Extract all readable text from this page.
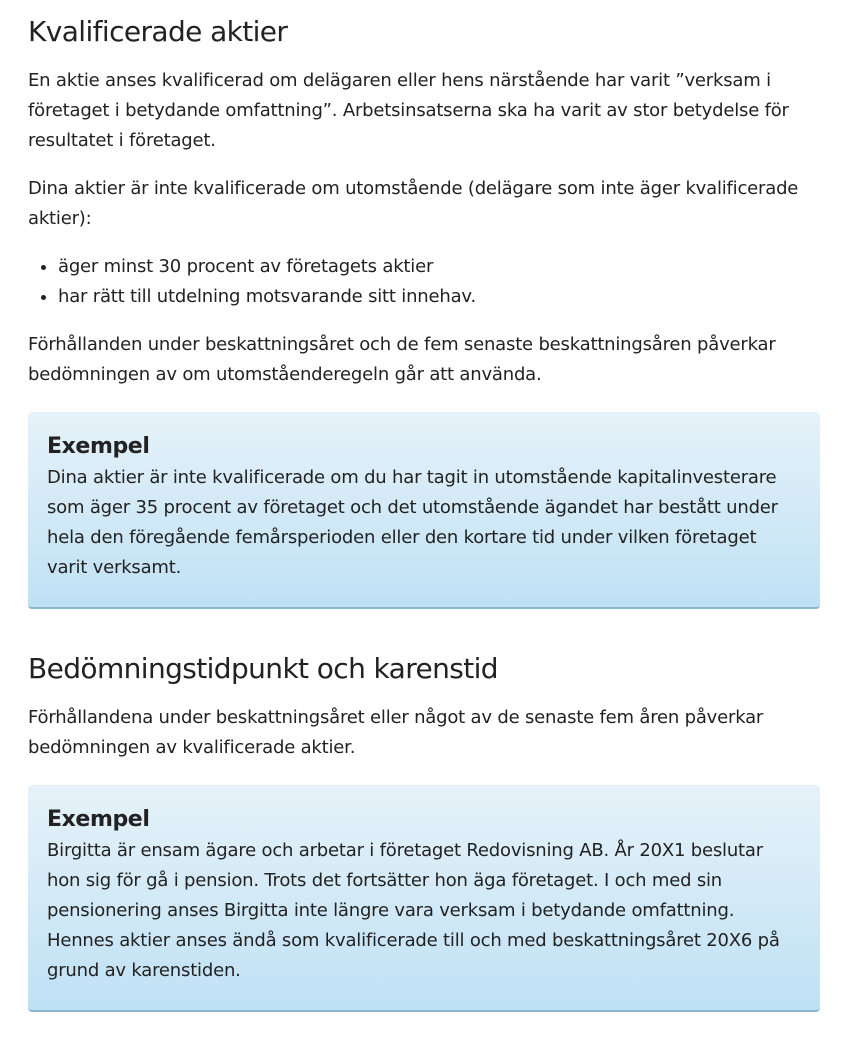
Kvalificerade aktier

En aktie anses kvalificerad om delägaren eller hens närstående har varit ”verksam i företaget i betydande omfattning”. Arbetsinsatserna ska ha varit av stor betydelse för resultatet i företaget.

Dina aktier är inte kvalificerade om utomstående (delägare som inte äger kvalificerade aktier):

• äger minst 30 procent av företagets aktier
• har rätt till utdelning motsvarande sitt innehav.

Förhållanden under beskattningsåret och de fem senaste beskattningsåren påverkar bedömningen av om utomståenderegeln går att använda.

Exempel

Dina aktier är inte kvalificerade om du har tagit in utomstående kapitalinvesterare som äger 35 procent av företaget och det utomstående ägandet har bestått under hela den föregående femårsperioden eller den kortare tid under vilken företaget varit verksamt.

Bedömningstidpunkt och karenstid

Förhållandena under beskattningsåret eller något av de senaste fem åren påverkar bedömningen av kvalificerade aktier.

Exempel

Birgitta är ensam ägare och arbetar i företaget Redovisning AB. År 20X1 beslutar hon sig för gå i pension. Trots det fortsätter hon äga företaget. I och med sin pensionering anses Birgitta inte längre vara verksam i betydande omfattning. Hennes aktier anses ändå som kvalificerade till och med beskattningsåret 20X6 på grund av karenstiden.
